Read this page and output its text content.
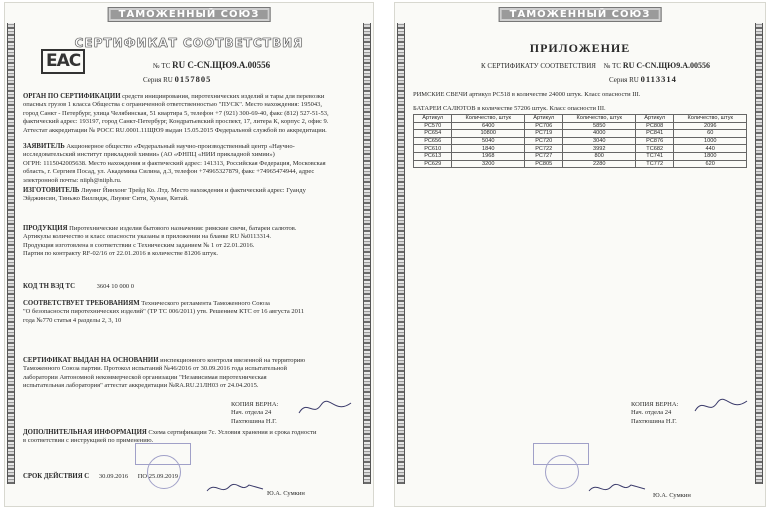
ТАМОЖЕННЫЙ СОЮЗ
СЕРТИФИКАТ СООТВЕТСТВИЯ
EAC	№ ТС RU C-CN.ЩЮ9.А.00556
Серия RU 0157805
ОРГАН ПО СЕРТИФИКАЦИИ средств инициирования, пиротехнических изделий и тары для перевозки
опасных грузов 1 класса Общества с ограниченной ответственностью "ПУСК". Место нахождения: 195043,
город Санкт - Петербург, улица Челябинская, 51 квартира 5, телефон +7 (921) 300-69-40, факс (812) 527-51-53,
фактический адрес: 193197, город Санкт-Петербург, Кондратьевский проспект, 17, литера К, корпус 2, офис 9.
Аттестат аккредитации № РОСС RU.0001.11ЩЮ9 выдан 15.05.2015 Федеральной службой по аккредитации.
ЗАЯВИТЕЛЬ Акционерное общество «Федеральный научно-производственный центр «Научно-
исследовательский институт прикладной химии» (АО «ФНПЦ «НИИ прикладной химии»)
ОГРН: 1115042005638. Место нахождения и фактический адрес: 141313, Российская Федерация, Московская
область, г. Сергиев Посад, ул. Академика Силина, д.3, телефон +74965327879, факс +74965474944, адрес
электронной почты: niiph@niiph.ru.
ИЗГОТОВИТЕЛЬ Лиуянг Йинхонг Трейд Ко. Лтд. Место нахождения и фактический адрес: Гуанду
Эйджинсин, Тиньжо Виллидж, Лиуянг Сити, Хунан, Китай.
ПРОДУКЦИЯ Пиротехнические изделия бытового назначения: римские свечи, батареи салютов.
Артикулы количество и класс опасности указаны в приложении на бланке RU №0113314.
Продукция изготовлена в соответствии с Техническим заданием № 1 от 22.01.2016.
Партия по контракту RF-02/16 от 22.01.2016 в количестве 81206 штук.
КОД ТН ВЭД ТС	3604 10 000 0
СООТВЕТСТВУЕТ ТРЕБОВАНИЯМ Технического регламента Таможенного Союза
"О безопасности пиротехнических изделий" (ТР ТС 006/2011) утв. Решением КТС от 16 августа 2011
года №770 статья 4 разделы 2, 3, 10
СЕРТИФИКАТ ВЫДАН НА ОСНОВАНИИ инспекционного контроля ввезенной на территорию
Таможенного Союза партии. Протокол испытаний №46/2016 от 30.09.2016 года испытательной
лаборатории Автономной некоммерческой организации "Независимая пиротехническая
испытательная лаборатория" аттестат аккредитации №RA.RU.21ЛН03 от 24.04.2015.
КОПИЯ ВЕРНА:
Нач. отдела 24
Пахтюшина Н.Г.
ДОПОЛНИТЕЛЬНАЯ ИНФОРМАЦИЯ Схема сертификации 7с. Условия хранения и срока годности
в соответствии с инструкцией по применению.
СРОК ДЕЙСТВИЯ С 30.09.2016 ПО 25.09.2019
Ю.А. Сумкин
ТАМОЖЕННЫЙ СОЮЗ
ПРИЛОЖЕНИЕ
К СЕРТИФИКАТУ СООТВЕТСТВИЯ № ТС RU C-CN.ЩЮ9.А.00556
Серия RU 0113314
РИМСКИЕ СВЕЧИ артикул РС518 в количестве 24000 штук. Класс опасности III.
БАТАРЕИ САЛЮТОВ в количестве 57206 штук. Класс опасности III.
Артикул	Количество, штук	Артикул	Количество, штук	Артикул	Количество, штук
РС570	6400	РС706	5850	РС808	2096
РС654	10800	РС719	4000	РС841	60
РС656	5040	РС720	3040	РС876	1000
РС610	1840	РС722	3992	ТС682	440
РС613	1968	РС727	800	ТС741	1800
РС629	3200	РС805	2280	ТС772	620
КОПИЯ ВЕРНА:
Нач. отдела 24
Пахтюшина Н.Г.
Ю.А. Сумкин
